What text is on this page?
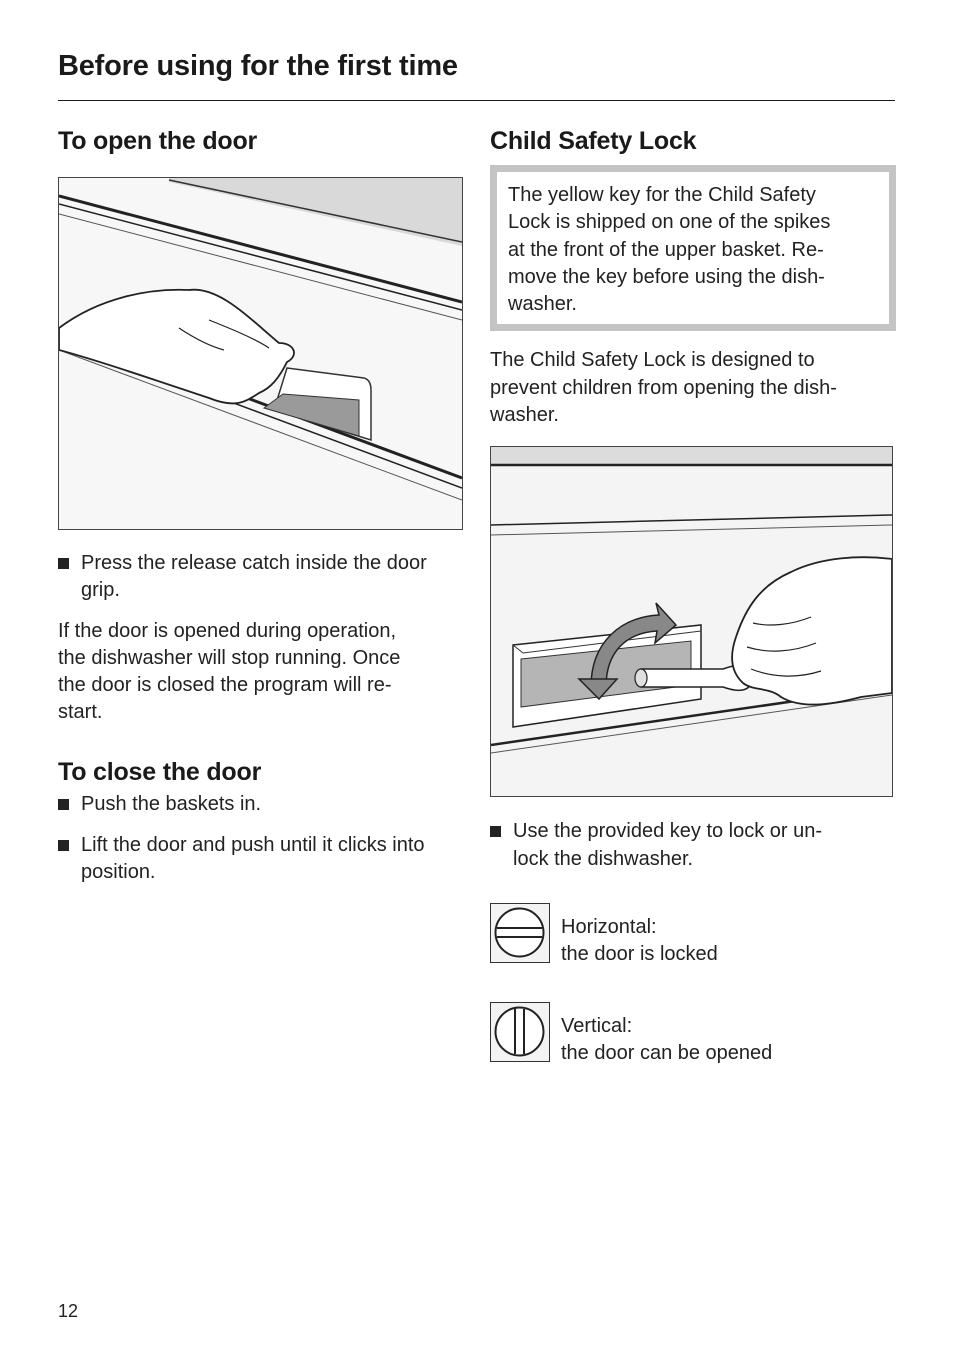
Before using for the first time
To open the door
Press the release catch inside the door grip.

If the door is opened during operation,

the dishwasher will stop running. Once

the door is closed the program will re-

start.

To close the door
Push the baskets in.
Lift the door and push until it clicks into position.
Child Safety Lock

The yellow key for the Child Safety

Lock is shipped on one of the spikes

at the front of the upper basket. Re-

move the key before using the dish-

washer.

The Child Safety Lock is designed to

prevent children from opening the dish-

washer.

Use the provided key to lock or un-
lock the dishwasher.
Horizontal:
the door is locked
Vertical:
the door can be opened
12
